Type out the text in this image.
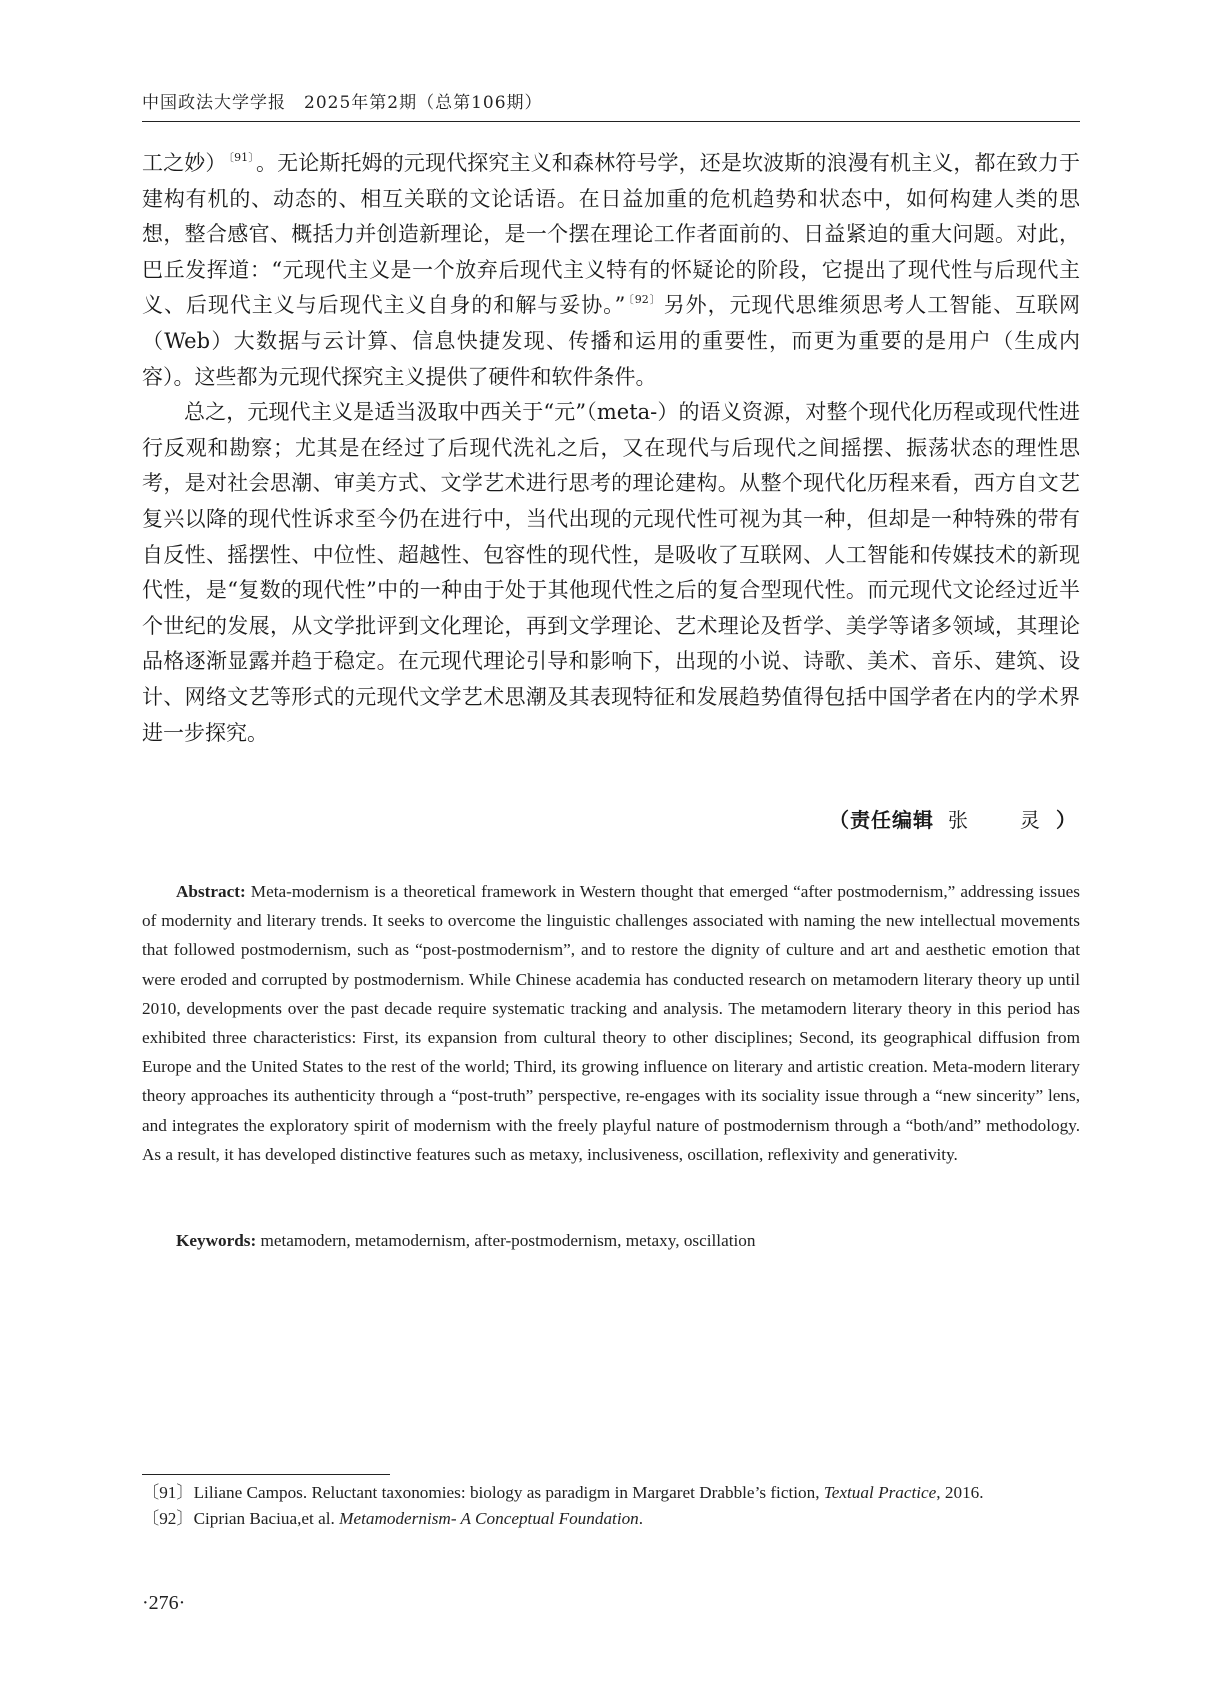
中国政法大学学报　2025年第2期（总第106期）

工之妙） $^{〔91〕}$。无论斯托姆的元现代探究主义和森林符号学，还是坎波斯的浪漫有机主义，都在致力于建构有机的、动态的、相互关联的文论话语。在日益加重的危机趋势和状态中，如何构建人类的思想，整合感官、概括力并创造新理论，是一个摆在理论工作者面前的、日益紧迫的重大问题。对此，巴丘发挥道：“元现代主义是一个放弃后现代主义特有的怀疑论的阶段，它提出了现代性与后现代主义、后现代主义与后现代主义自身的和解与妥协。” $^{〔92〕}$另外，元现代思维须思考人工智能、互联网（Web）大数据与云计算、信息快捷发现、传播和运用的重要性，而更为重要的是用户（生成内容）。这些都为元现代探究主义提供了硬件和软件条件。

总之，元现代主义是适当汲取中西关于“元”（meta-）的语义资源，对整个现代化历程或现代性进行反观和勘察；尤其是在经过了后现代洗礼之后，又在现代与后现代之间摇摆、振荡状态的理性思考，是对社会思潮、审美方式、文学艺术进行思考的理论建构。从整个现代化历程来看，西方自文艺复兴以降的现代性诉求至今仍在进行中，当代出现的元现代性可视为其一种，但却是一种特殊的带有自反性、摇摆性、中位性、超越性、包容性的现代性，是吸收了互联网、人工智能和传媒技术的新现代性，是“复数的现代性”中的一种由于处于其他现代性之后的复合型现代性。而元现代文论经过近半个世纪的发展，从文学批评到文化理论，再到文学理论、艺术理论及哲学、美学等诸多领域，其理论品格逐渐显露并趋于稳定。在元现代理论引导和影响下，出现的小说、诗歌、美术、音乐、建筑、设计、网络文艺等形式的元现代文学艺术思潮及其表现特征和发展趋势值得包括中国学者在内的学术界进一步探究。

（责任编辑 张　灵）

Abstract: Meta-modernism is a theoretical framework in Western thought that emerged “after postmodernism,” addressing issues of modernity and literary trends. It seeks to overcome the linguistic challenges associated with naming the new intellectual movements that followed postmodernism, such as “post-postmodernism”, and to restore the dignity of culture and art and aesthetic emotion that were eroded and corrupted by postmodernism. While Chinese academia has conducted research on metamodern literary theory up until 2010, developments over the past decade require systematic tracking and analysis. The metamodern literary theory in this period has exhibited three characteristics: First, its expansion from cultural theory to other disciplines; Second, its geographical diffusion from Europe and the United States to the rest of the world; Third, its growing influence on literary and artistic creation. Meta-modern literary theory approaches its authenticity through a “post-truth” perspective, re-engages with its sociality issue through a “new sincerity” lens, and integrates the exploratory spirit of modernism with the freely playful nature of postmodernism through a “both/and” methodology. As a result, it has developed distinctive features such as metaxy, inclusiveness, oscillation, reflexivity and generativity.

Keywords: metamodern, metamodernism, after-postmodernism, metaxy, oscillation

〔91〕Liliane Campos. Reluctant taxonomies: biology as paradigm in Margaret Drabble’s fiction, Textual Practice, 2016.

〔92〕Ciprian Baciua,et al. Metamodernism- A Conceptual Foundation.

·276·
